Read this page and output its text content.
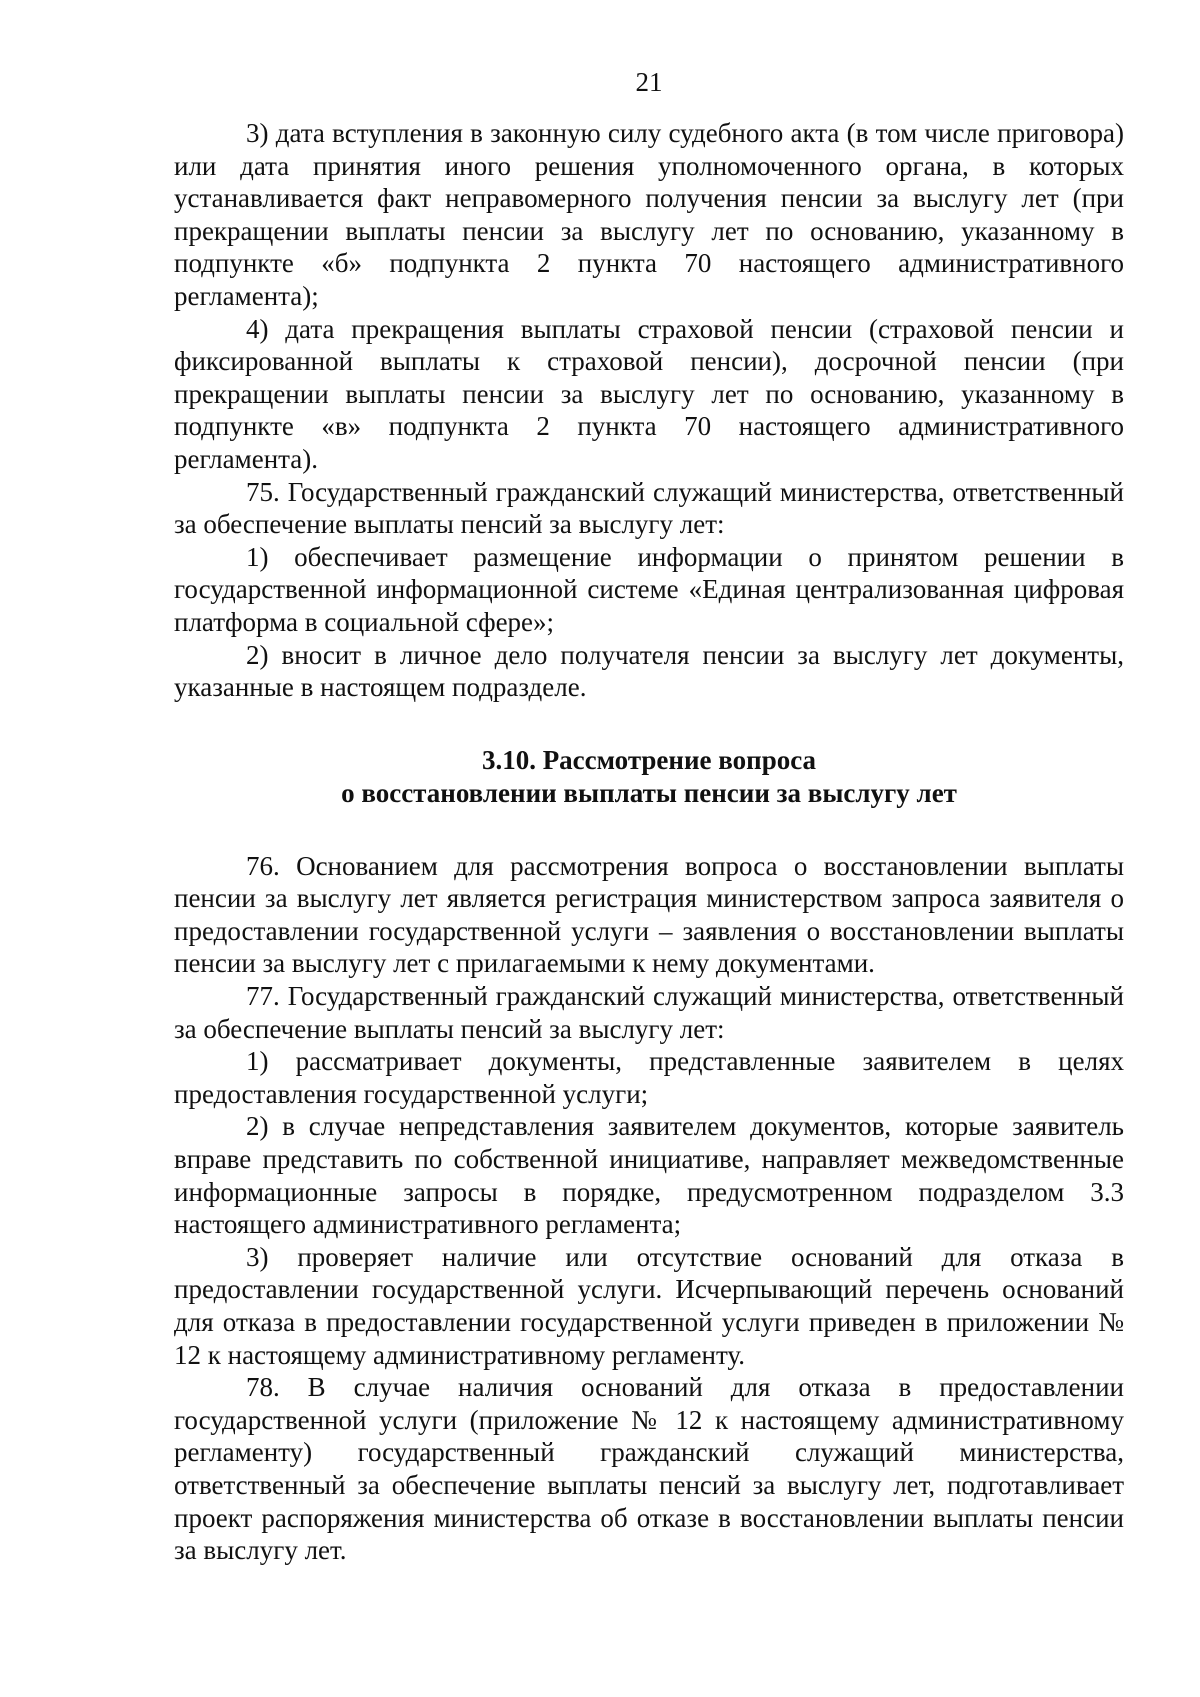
21

3) дата вступления в законную силу судебного акта (в том числе приговора) или дата принятия иного решения уполномоченного органа, в которых устанавливается факт неправомерного получения пенсии за выслугу лет (при прекращении выплаты пенсии за выслугу лет по основанию, указанному в подпункте «б» подпункта 2 пункта 70 настоящего административного регламента);

4) дата прекращения выплаты страховой пенсии (страховой пенсии и фиксированной выплаты к страховой пенсии), досрочной пенсии (при прекращении выплаты пенсии за выслугу лет по основанию, указанному в подпункте «в» подпункта 2 пункта 70 настоящего административного регламента).

75. Государственный гражданский служащий министерства, ответственный за обеспечение выплаты пенсий за выслугу лет:

1) обеспечивает размещение информации о принятом решении в государственной информационной системе «Единая централизованная цифровая платформа в социальной сфере»;

2) вносит в личное дело получателя пенсии за выслугу лет документы, указанные в настоящем подразделе.

3.10. Рассмотрение вопроса

о восстановлении выплаты пенсии за выслугу лет

76. Основанием для рассмотрения вопроса о восстановлении выплаты пенсии за выслугу лет является регистрация министерством запроса заявителя о предоставлении государственной услуги – заявления о восстановлении выплаты пенсии за выслугу лет с прилагаемыми к нему документами.

77. Государственный гражданский служащий министерства, ответственный за обеспечение выплаты пенсий за выслугу лет:

1) рассматривает документы, представленные заявителем в целях предоставления государственной услуги;

2) в случае непредставления заявителем документов, которые заявитель вправе представить по собственной инициативе, направляет межведомственные информационные запросы в порядке, предусмотренном подразделом 3.3 настоящего административного регламента;

3) проверяет наличие или отсутствие оснований для отказа в предоставлении государственной услуги. Исчерпывающий перечень оснований для отказа в предоставлении государственной услуги приведен в приложении № 12 к настоящему административному регламенту.

78. В случае наличия оснований для отказа в предоставлении государственной услуги (приложение № 12 к настоящему административному регламенту) государственный гражданский служащий министерства, ответственный за обеспечение выплаты пенсий за выслугу лет, подготавливает проект распоряжения министерства об отказе в восстановлении выплаты пенсии за выслугу лет.
